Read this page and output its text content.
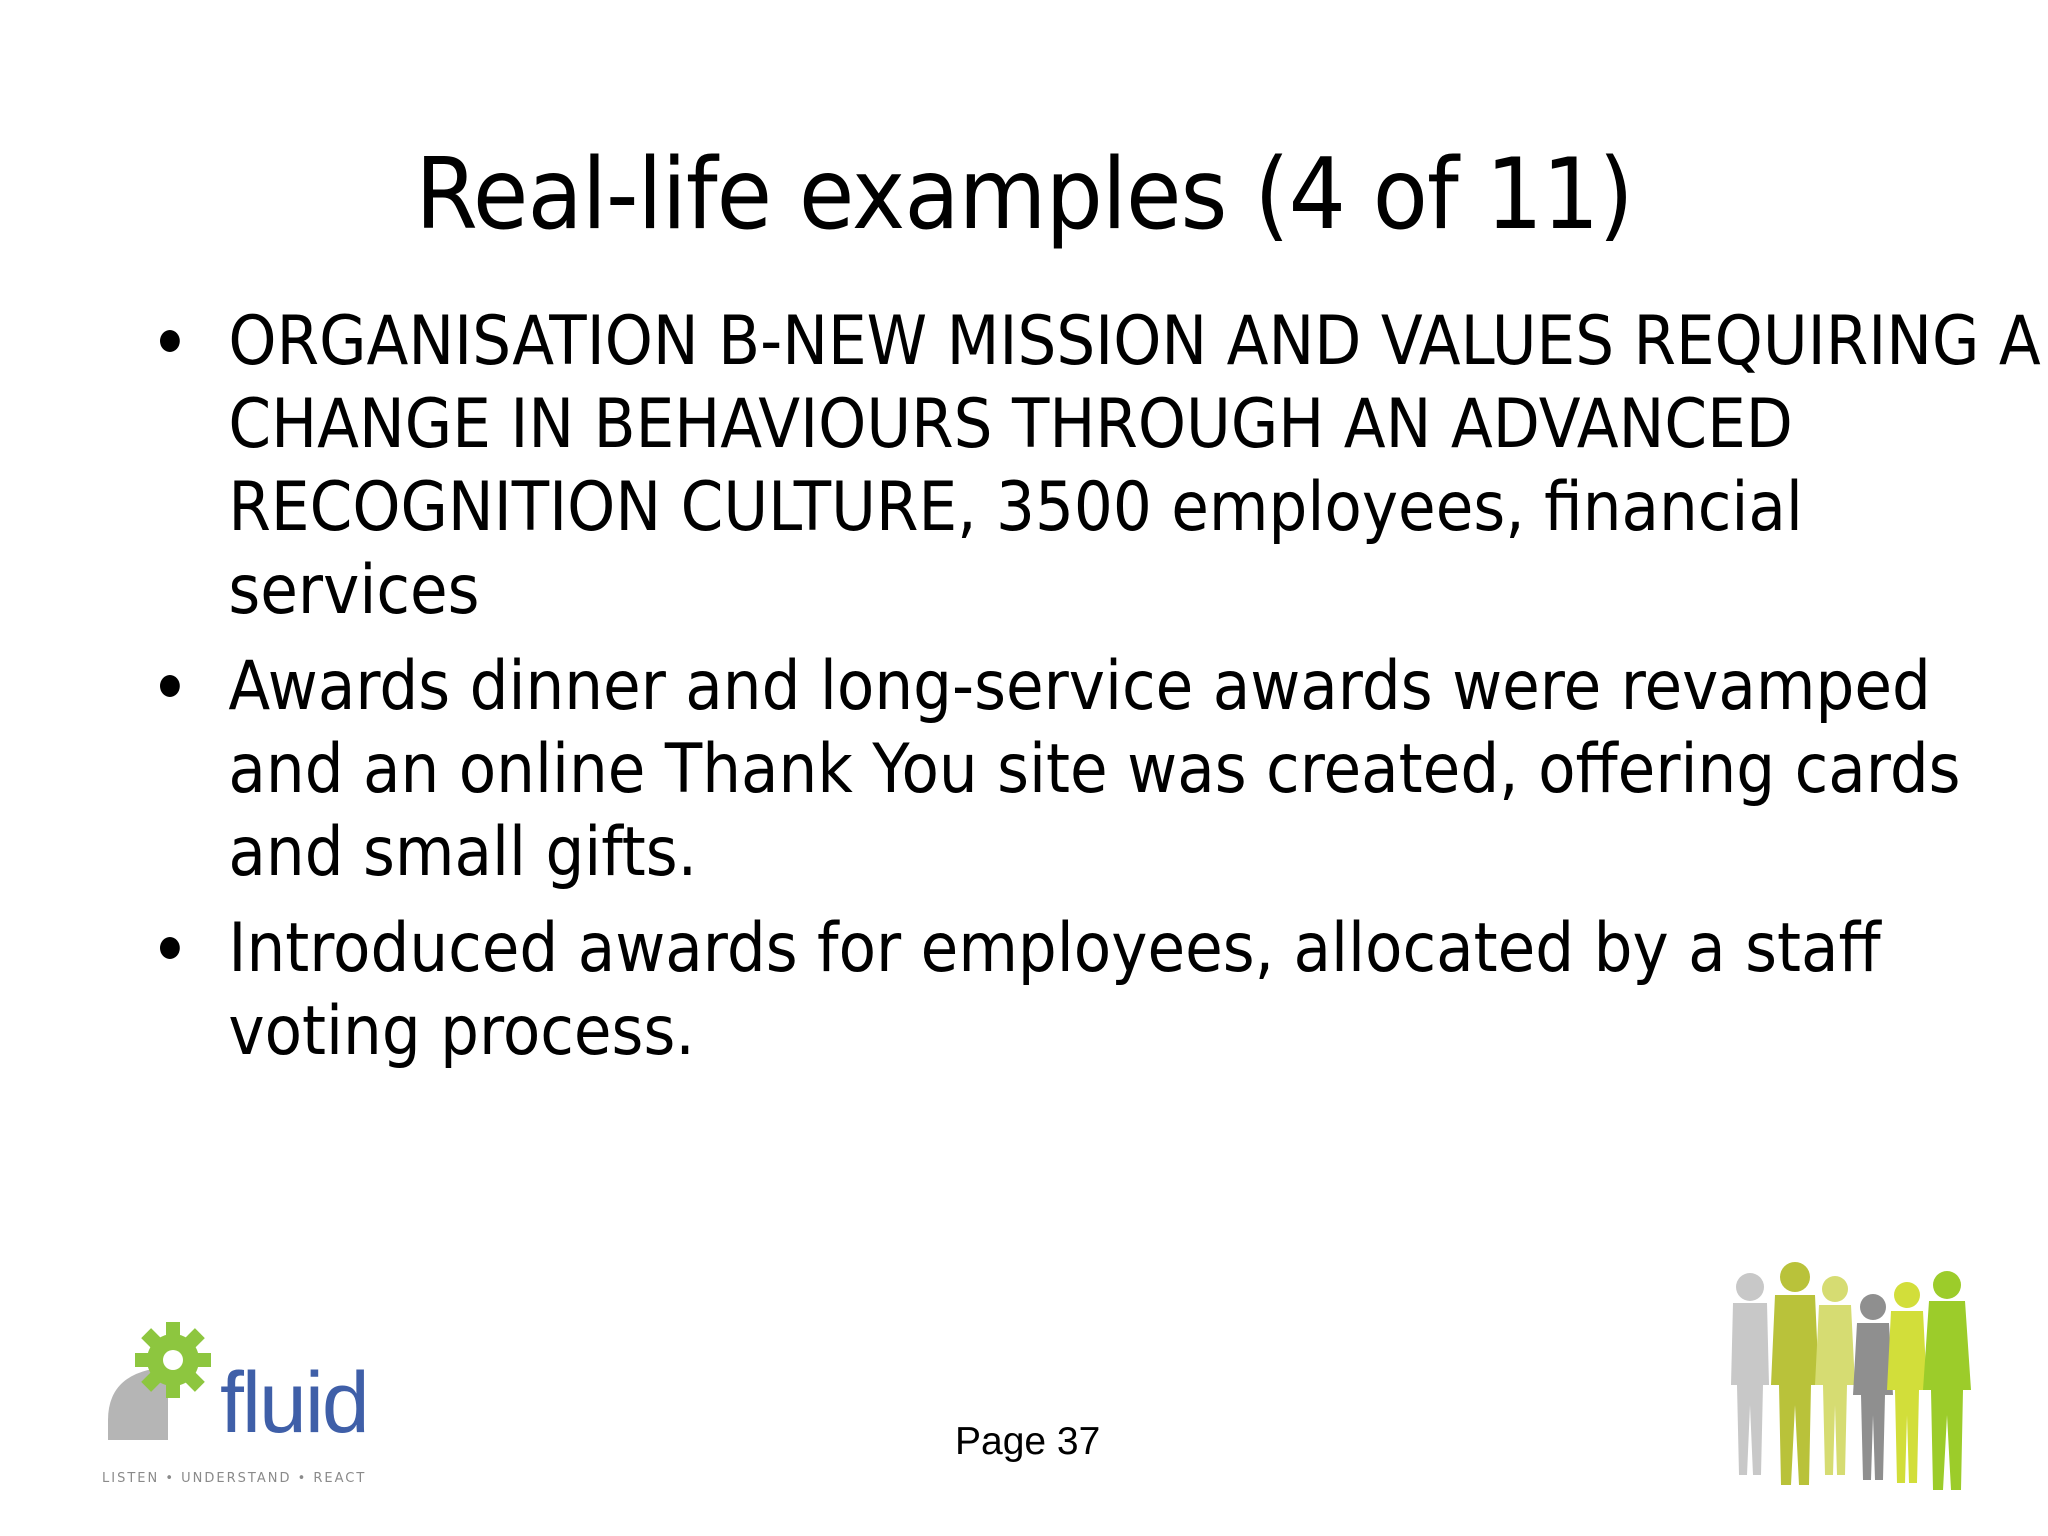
Real-life examples (4 of 11)
ORGANISATION B-NEW MISSION AND VALUES REQUIRING A CHANGE IN BEHAVIOURS THROUGH AN ADVANCED RECOGNITION CULTURE, 3500 employees, financial services
Awards dinner and long-service awards were revamped and an online Thank You site was created, offering cards and small gifts.
Introduced awards for employees, allocated by a staff voting process.
fluid
LISTEN • UNDERSTAND • REACT
Page 37
